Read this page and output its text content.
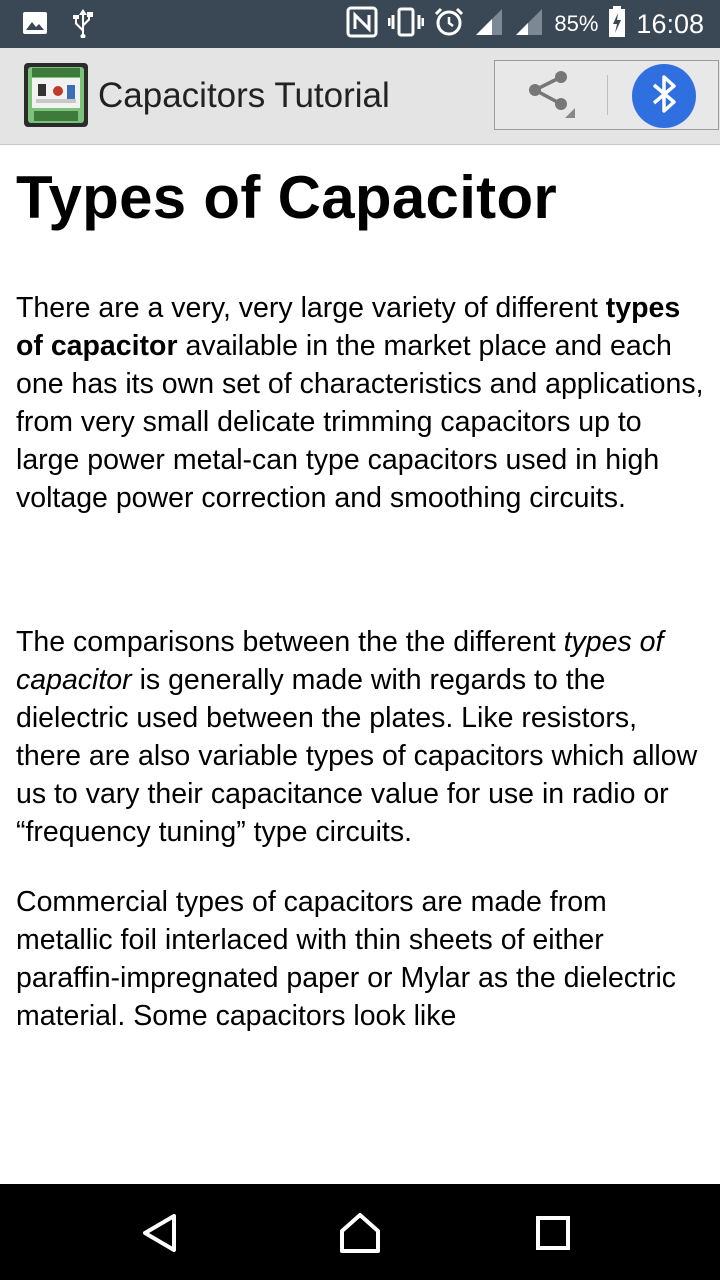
85% 16:08
Capacitors Tutorial
Types of Capacitor

There are a very, very large variety of different types of capacitor available in the market place and each one has its own set of characteristics and applications, from very small delicate trimming capacitors up to large power metal-can type capacitors used in high voltage power correction and smoothing circuits.

The comparisons between the the different types of capacitor is generally made with regards to the dielectric used between the plates. Like resistors, there are also variable types of capacitors which allow us to vary their capacitance value for use in radio or “frequency tuning” type circuits.

Commercial types of capacitors are made from metallic foil interlaced with thin sheets of either paraffin-impregnated paper or Mylar as the dielectric material. Some capacitors look like
